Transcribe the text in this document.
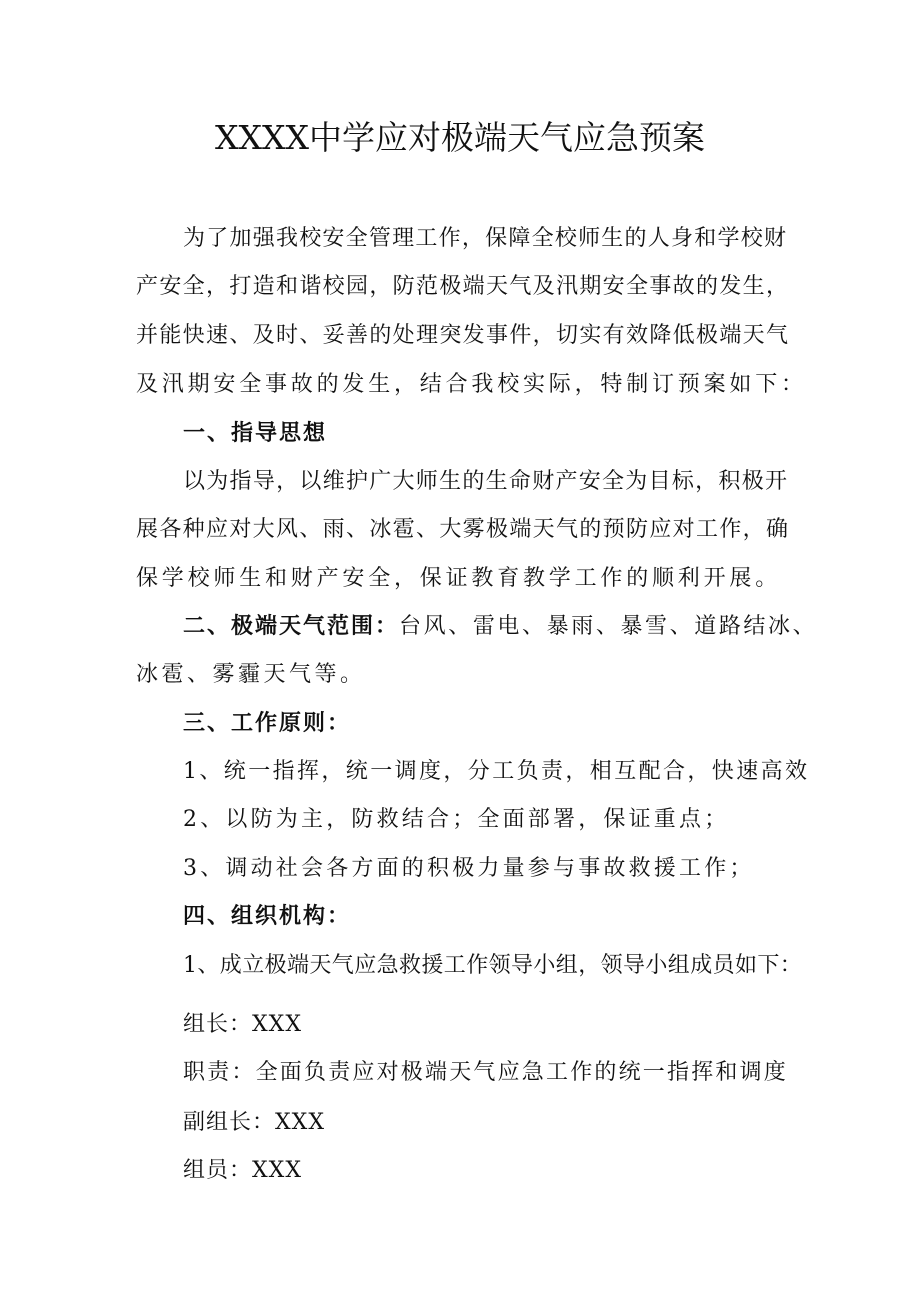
XXXX中学应对极端天气应急预案
为了加强我校安全管理工作，保障全校师生的人身和学校财
产安全，打造和谐校园，防范极端天气及汛期安全事故的发生，
并能快速、及时、妥善的处理突发事件，切实有效降低极端天气
及汛期安全事故的发生，结合我校实际，特制订预案如下：
一、指导思想
以为指导，以维护广大师生的生命财产安全为目标，积极开
展各种应对大风、雨、冰雹、大雾极端天气的预防应对工作，确
保学校师生和财产安全，保证教育教学工作的顺利开展。
二、极端天气范围：台风、雷电、暴雨、暴雪、道路结冰、
冰雹、雾霾天气等。
三、工作原则：
1、统一指挥，统一调度，分工负责，相互配合，快速高效
2、以防为主，防救结合；全面部署，保证重点；
3、调动社会各方面的积极力量参与事故救援工作；
四、组织机构：
1、成立极端天气应急救援工作领导小组，领导小组成员如下：
组长：XXX
职责：全面负责应对极端天气应急工作的统一指挥和调度
副组长：XXX
组员：XXX
